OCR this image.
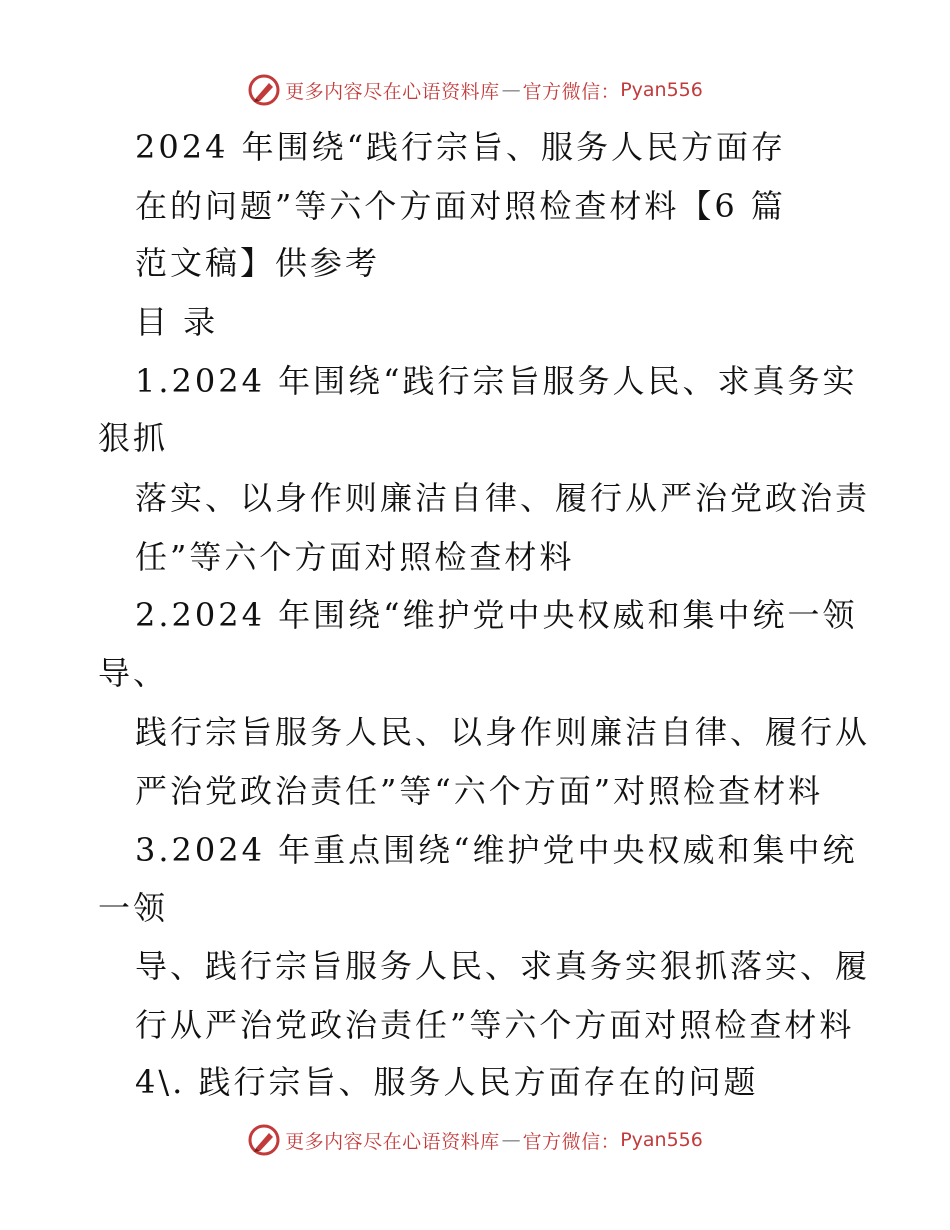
更多内容尽在心语资料库 — 官方微信： Pyan556
2024 年围绕“践行宗旨、服务人民方面存
在的问题”等六个方面对照检查材料【6 篇
范文稿】供参考
目 录
1.2024 年围绕“践行宗旨服务人民、求真务实
狠抓
落实、以身作则廉洁自律、履行从严治党政治责
任”等六个方面对照检查材料
2.2024 年围绕“维护党中央权威和集中统一领
导、
践行宗旨服务人民、以身作则廉洁自律、履行从
严治党政治责任”等“六个方面”对照检查材料
3.2024 年重点围绕“维护党中央权威和集中统
一领
导、践行宗旨服务人民、求真务实狠抓落实、履
行从严治党政治责任”等六个方面对照检查材料
4\. 践行宗旨、服务人民方面存在的问题
更多内容尽在心语资料库 — 官方微信： Pyan556
